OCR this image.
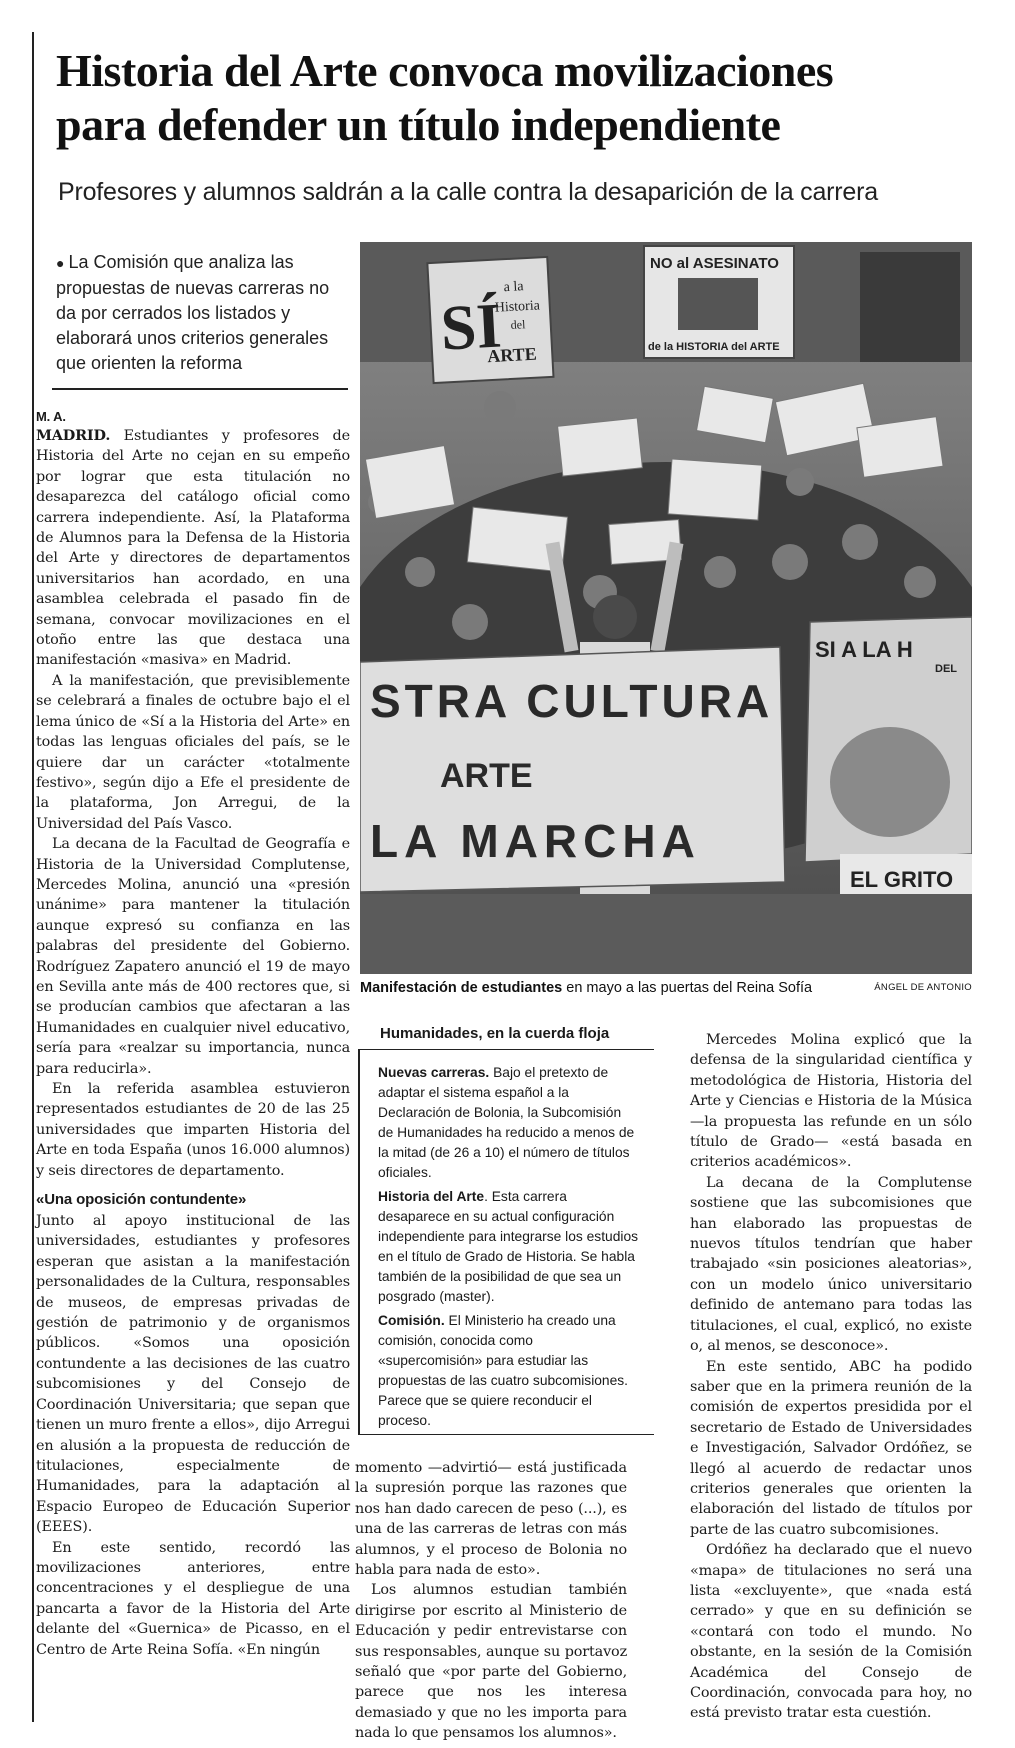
Historia del Arte convoca movilizaciones
para defender un título independiente
Profesores y alumnos saldrán a la calle contra la desaparición de la carrera
● La Comisión que analiza las propuestas de nuevas carreras no da por cerrados los listados y elaborará unos criterios generales que orienten la reforma

M. A.

MADRID. Estudiantes y profesores de Historia del Arte no cejan en su empeño por lograr que esta titulación no desaparezca del catálogo oficial como carrera independiente. Así, la Plataforma de Alumnos para la Defensa de la Historia del Arte y directores de departamentos universitarios han acordado, en una asamblea celebrada el pasado fin de semana, convocar movilizaciones en el otoño entre las que destaca una manifestación «masiva» en Madrid.

A la manifestación, que previsiblemente se celebrará a finales de octubre bajo el el lema único de «Sí a la Historia del Arte» en todas las lenguas oficiales del país, se le quiere dar un carácter «totalmente festivo», según dijo a Efe el presidente de la plataforma, Jon Arregui, de la Universidad del País Vasco.

La decana de la Facultad de Geografía e Historia de la Universidad Complutense, Mercedes Molina, anunció una «presión unánime» para mantener la titulación aunque expresó su confianza en las palabras del presidente del Gobierno. Rodríguez Zapatero anunció el 19 de mayo en Sevilla ante más de 400 rectores que, si se producían cambios que afectaran a las Humanidades en cualquier nivel educativo, sería para «realzar su importancia, nunca para reducirla».

En la referida asamblea estuvieron representados estudiantes de 20 de las 25 universidades que imparten Historia del Arte en toda España (unos 16.000 alumnos) y seis directores de departamento.

«Una oposición contundente»

Junto al apoyo institucional de las universidades, estudiantes y profesores esperan que asistan a la manifestación personalidades de la Cultura, responsables de museos, de empresas privadas de gestión de patrimonio y de organismos públicos. «Somos una oposición contundente a las decisiones de las cuatro subcomisiones y del Consejo de Coordinación Universitaria; que sepan que tienen un muro frente a ellos», dijo Arregui en alusión a la propuesta de reducción de titulaciones, especialmente de Humanidades, para la adaptación al Espacio Europeo de Educación Superior (EEES).

En este sentido, recordó las movilizaciones anteriores, entre concentraciones y el despliegue de una pancarta a favor de la Historia del Arte delante del «Guernica» de Picasso, en el Centro de Arte Reina Sofía. «En ningún

SÍ
a la
Historia
del
ARTE
NO al ASESINATO
de la HISTORIA del ARTE
STRA CULTURA
ARTE
LA MARCHA
SI A LA H
DEL
EL GRITO
Manifestación de estudiantes en mayo a las puertas del Reina Sofía	ÁNGEL DE ANTONIO
Humanidades, en la cuerda floja

Nuevas carreras. Bajo el pretexto de adaptar el sistema español a la Declaración de Bolonia, la Subcomisión de Humanidades ha reducido a menos de la mitad (de 26 a 10) el número de títulos oficiales.

Historia del Arte. Esta carrera desaparece en su actual configuración independiente para integrarse los estudios en el título de Grado de Historia. Se habla también de la posibilidad de que sea un posgrado (master).

Comisión. El Ministerio ha creado una comisión, conocida como «supercomisión» para estudiar las propuestas de las cuatro subcomisiones. Parece que se quiere reconducir el proceso.

momento —advirtió— está justificada la supresión porque las razones que nos han dado carecen de peso (...), es una de las carreras de letras con más alumnos, y el proceso de Bolonia no habla para nada de esto».

Los alumnos estudian también dirigirse por escrito al Ministerio de Educación y pedir entrevistarse con sus responsables, aunque su portavoz señaló que «por parte del Gobierno, parece que nos les interesa demasiado y que no les importa para nada lo que pensamos los alumnos».

Mercedes Molina explicó que la defensa de la singularidad científica y metodológica de Historia, Historia del Arte y Ciencias e Historia de la Música —la propuesta las refunde en un sólo título de Grado— «está basada en criterios académicos».

La decana de la Complutense sostiene que las subcomisiones que han elaborado las propuestas de nuevos títulos tendrían que haber trabajado «sin posiciones aleatorias», con un modelo único universitario definido de antemano para todas las titulaciones, el cual, explicó, no existe o, al menos, se desconoce».

En este sentido, ABC ha podido saber que en la primera reunión de la comisión de expertos presidida por el secretario de Estado de Universidades e Investigación, Salvador Ordóñez, se llegó al acuerdo de redactar unos criterios generales que orienten la elaboración del listado de títulos por parte de las cuatro subcomisiones.

Ordóñez ha declarado que el nuevo «mapa» de titulaciones no será una lista «excluyente», que «nada está cerrado» y que en su definición se «contará con todo el mundo. No obstante, en la sesión de la Comisión Académica del Consejo de Coordinación, convocada para hoy, no está previsto tratar esta cuestión.
